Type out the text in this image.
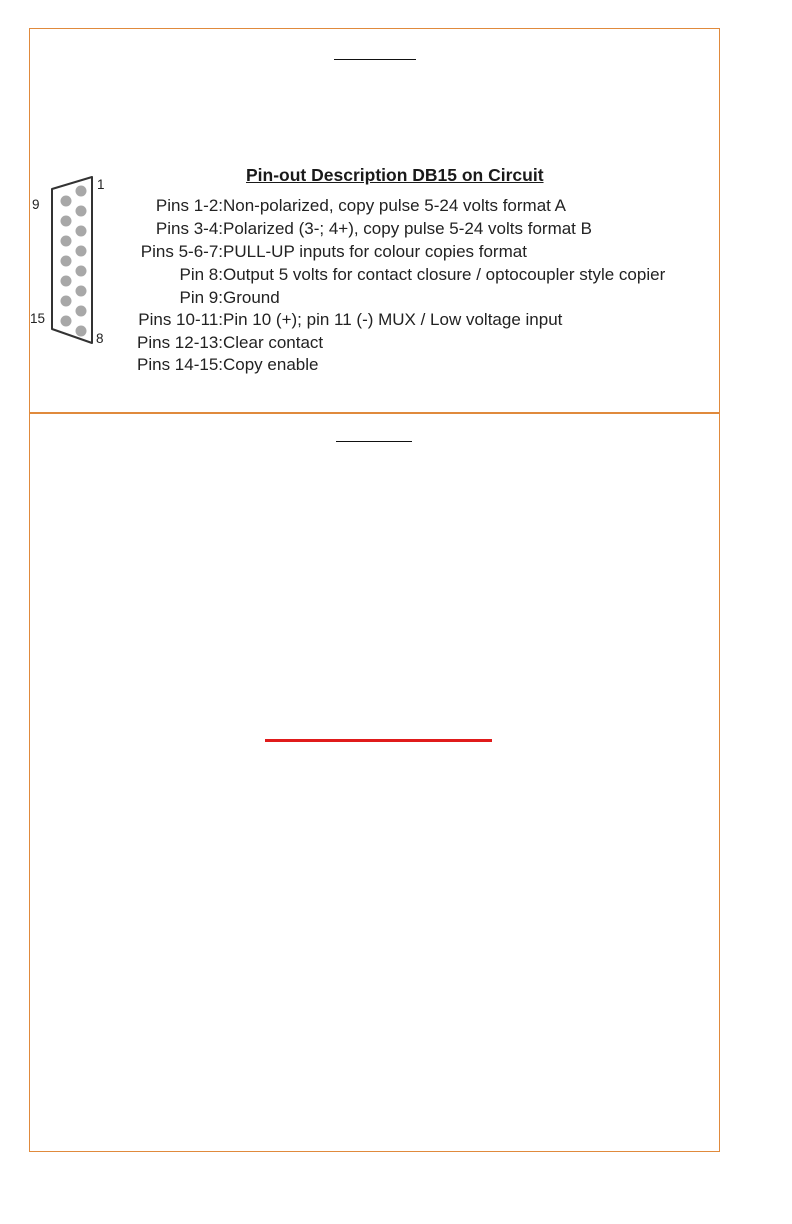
9
1
15
8
Pin-out Description DB15 on Circuit
Pins 1-2: Non-polarized, copy pulse 5-24 volts format A
Pins 3-4: Polarized (3-; 4+), copy pulse 5-24 volts format B
Pins 5-6-7: PULL-UP inputs for colour copies format
Pin 8: Output 5 volts for contact closure / optocoupler style copier
Pin 9: Ground
Pins 10-11: Pin 10 (+); pin 11 (-) MUX / Low voltage input
Pins 12-13: Clear contact
Pins 14-15: Copy enable
